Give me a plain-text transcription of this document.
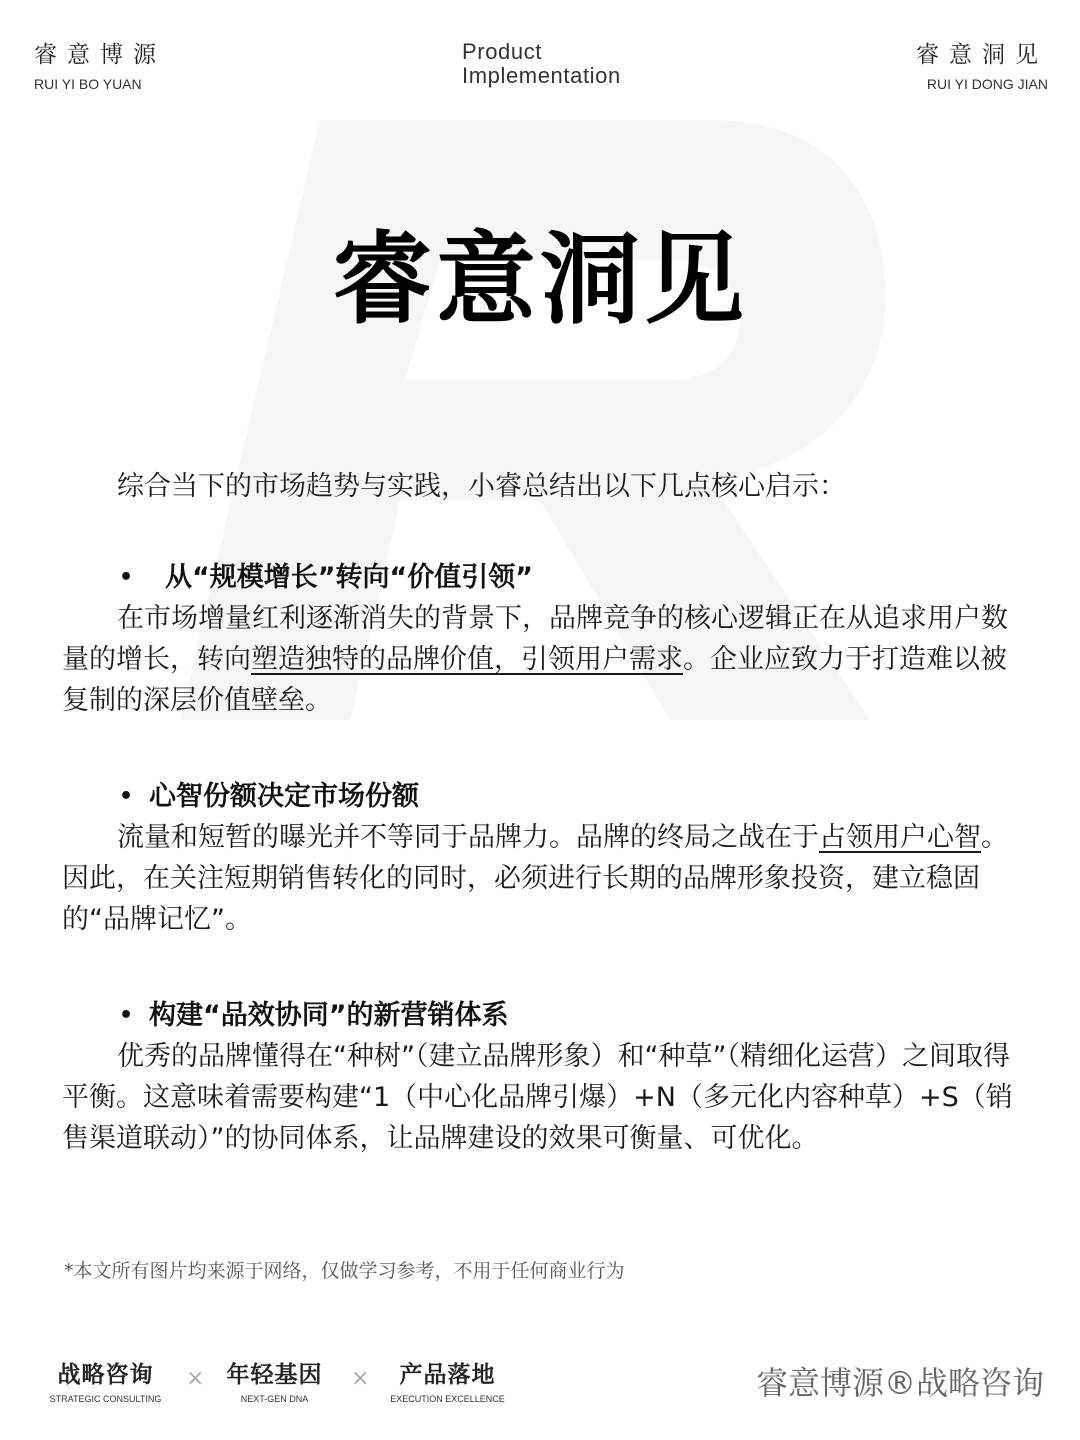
睿意博源
RUI YI BO YUAN
Product
Implementation
睿意洞见
RUI YI DONG JIAN
睿意洞见
综合当下的市场趋势与实践，小睿总结出以下几点核心启示：
• 从“规模增长”转向“价值引领”

在市场增量红利逐渐消失的背景下，品牌竞争的核心逻辑正在从追求用户数量的增长，转向塑造独特的品牌价值，引领用户需求。企业应致力于打造难以被复制的深层价值壁垒。

• 心智份额决定市场份额

流量和短暂的曝光并不等同于品牌力。品牌的终局之战在于占领用户心智。因此，在关注短期销售转化的同时，必须进行长期的品牌形象投资，建立稳固的“品牌记忆”。

• 构建“品效协同”的新营销体系

优秀的品牌懂得在“种树”（建立品牌形象）和“种草”（精细化运营）之间取得平衡。这意味着需要构建“1（中心化品牌引爆）+N（多元化内容种草）+S（销售渠道联动）”的协同体系，让品牌建设的效果可衡量、可优化。

*本文所有图片均来源于网络，仅做学习参考，不用于任何商业行为
战略咨询
STRATEGIC CONSULTING
× 年轻基因
NEXT-GEN DNA
×	产品落地
EXECUTION EXCELLENCE	睿意博源®战略咨询
